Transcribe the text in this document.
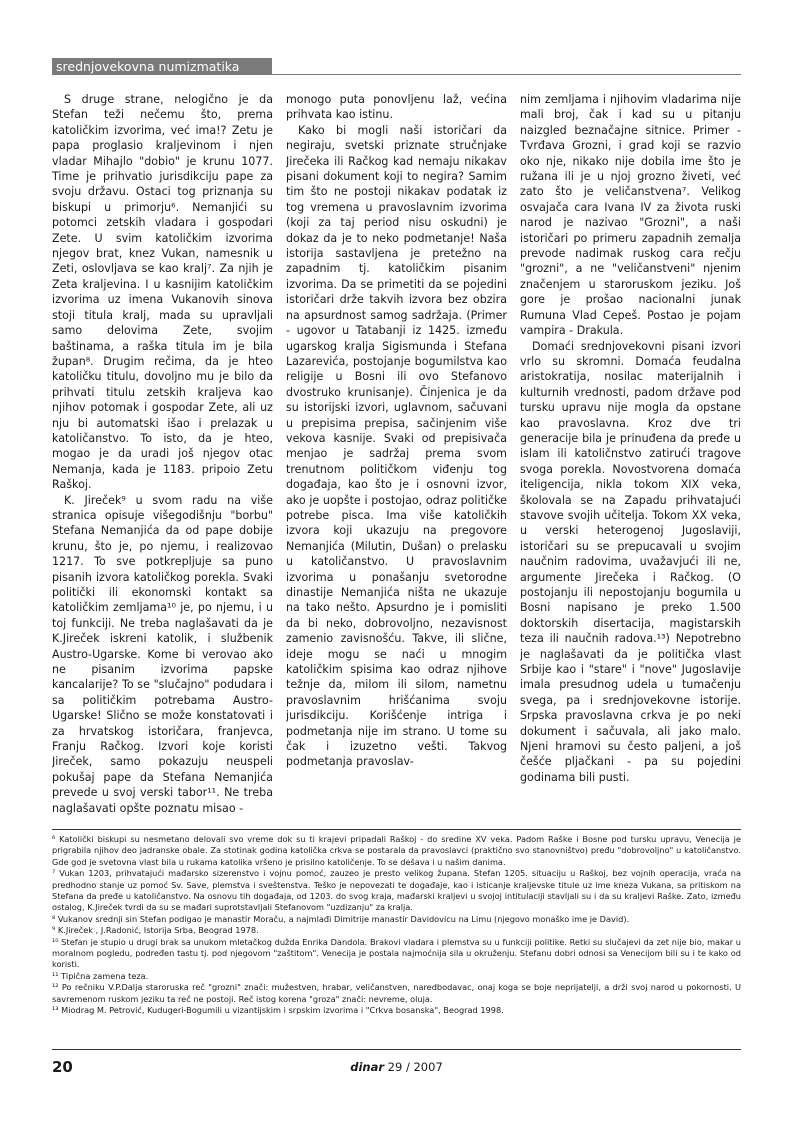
srednjovekovna numizmatika

S druge strane, nelogično je da Stefan teži nečemu što, prema katoličkim izvorima, već ima!? Zetu je papa proglasio kraljevinom i njen vladar Mihajlo "dobio" je krunu 1077. Time je prihvatio jurisdikciju pape za svoju državu. Ostaci tog priznanja su biskupi u primorju⁶. Nemanjići su potomci zetskih vladara i gospodari Zete. U svim katoličkim izvorima njegov brat, knez Vukan, namesnik u Zeti, oslovljava se kao kralj⁷. Za njih je Zeta kraljevina. I u kasnijim katoličkim izvorima uz imena Vukanovih sinova stoji titula kralj, mada su upravljali samo delovima Zete, svojim baštinama, a raška titula im je bila župan⁸. Drugim rečima, da je hteo katoličku titulu, dovoljno mu je bilo da prihvati titulu zetskih kraljeva kao njihov potomak i gospodar Zete, ali uz nju bi automatski išao i prelazak u katoličanstvo. To isto, da je hteo, mogao je da uradi još njegov otac Nemanja, kada je 1183. pripoio Zetu Raškoj.

K. Jireček⁹ u svom radu na više stranica opisuje višegodišnju "borbu" Stefana Nemanjića da od pape dobije krunu, što je, po njemu, i realizovao 1217. To sve potkrepljuje sa puno pisanih izvora katoličkog porekla. Svaki politički ili ekonomski kontakt sa katoličkim zemljama¹⁰ je, po njemu, i u toj funkciji. Ne treba naglašavati da je K.Jireček iskreni katolik, i službenik Austro-Ugarske. Kome bi verovao ako ne pisanim izvorima papske kancalarije? To se "slučajno" podudara i sa političkim potrebama Austro-Ugarske! Slično se može konstatovati i za hrvatskog istoričara, franjevca, Franju Račkog. Izvori koje koristi Jireček, samo pokazuju neuspeli pokušaj pape da Stefana Nemanjića prevede u svoj verski tabor¹¹. Ne treba naglašavati opšte poznatu misao -

monogo puta ponovljenu laž, većina prihvata kao istinu.

Kako bi mogli naši istoričari da negiraju, svetski priznate stručnjake Jirečeka ili Račkog kad nemaju nikakav pisani dokument koji to negira? Samim tim što ne postoji nikakav podatak iz tog vremena u pravoslavnim izvorima (koji za taj period nisu oskudni) je dokaz da je to neko podmetanje! Naša istorija sastavljena je pretežno na zapadnim tj. katoličkim pisanim izvorima. Da se primetiti da se pojedini istoričari drže takvih izvora bez obzira na apsurdnost samog sadržaja. (Primer - ugovor u Tatabanji iz 1425. između ugarskog kralja Sigismunda i Stefana Lazarevića, postojanje bogumilstva kao religije u Bosni ili ovo Stefanovo dvostruko krunisanje). Činjenica je da su istorijski izvori, uglavnom, sačuvani u prepisima prepisa, sačinjenim više vekova kasnije. Svaki od prepisivača menjao je sadržaj prema svom trenutnom političkom viđenju tog događaja, kao što je i osnovni izvor, ako je uopšte i postojao, odraz političke potrebe pisca. Ima više katoličkih izvora koji ukazuju na pregovore Nemanjića (Milutin, Dušan) o prelasku u katoličanstvo. U pravoslavnim izvorima u ponašanju svetorodne dinastije Nemanjića ništa ne ukazuje na tako nešto. Apsurdno je i pomisliti da bi neko, dobrovoljno, nezavisnost zamenio zavisnošću. Takve, ili slične, ideje mogu se naći u mnogim katoličkim spisima kao odraz njihove težnje da, milom ili silom, nametnu pravoslavnim hrišćanima svoju jurisdikciju. Korišćenje intriga i podmetanja nije im strano. U tome su čak i izuzetno vešti. Takvog podmetanja pravoslav-

nim zemljama i njihovim vladarima nije mali broj, čak i kad su u pitanju naizgled beznačajne sitnice. Primer - Tvrđava Grozni, i grad koji se razvio oko nje, nikako nije dobila ime što je ružana ili je u njoj grozno živeti, već zato što je veličanstvena⁷. Velikog osvajača cara Ivana IV za života ruski narod je nazivao "Grozni", a naši istoričari po primeru zapadnih zemalja prevode nadimak ruskog cara rečju "grozni", a ne "veličanstveni" njenim značenjem u staroruskom jeziku. Još gore je prošao nacionalni junak Rumuna Vlad Cepeš. Postao je pojam vampira - Drakula.

Domaći srednjovekovni pisani izvori vrlo su skromni. Domaća feudalna aristokratija, nosilac materijalnih i kulturnih vrednosti, padom države pod tursku upravu nije mogla da opstane kao pravoslavna. Kroz dve tri generacije bila je prinuđena da pređe u islam ili katoličnstvo zatirući tragove svoga porekla. Novostvorena domaća iteligencija, nikla tokom XIX veka, školovala se na Zapadu prihvatajući stavove svojih učitelja. Tokom XX veka, u verski heterogenoj Jugoslaviji, istoričari su se prepucavali u svojim naučnim radovima, uvažavjući ili ne, argumente Jirečeka i Račkog. (O postojanju ili nepostojanju bogumila u Bosni napisano je preko 1.500 doktorskih disertacija, magistarskih teza ili naučnih radova.¹³) Nepotrebno je naglašavati da je politička vlast Srbije kao i "stare" i "nove" Jugoslavije imala presudnog udela u tumačenju svega, pa i srednjovekovne istorije. Srpska pravoslavna crkva je po neki dokument i sačuvala, ali jako malo. Njeni hramovi su često paljeni, a još češće pljačkani - pa su pojedini godinama bili pusti.

⁶ Katolički biskupi su nesmetano delovali svo vreme dok su ti krajevi pripadali Raškoj - do sredine XV veka. Padom Raške i Bosne pod tursku upravu, Venecija je prigrabila njihov deo jadranske obale. Za stotinak godina katolička crkva se postarala da pravoslavci (praktično svo stanovništvo) pređu "dobrovoljno" u katoličanstvo. Gde god je svetovna vlast bila u rukama katolika vršeno je prisilno katoličenje. To se dešava i u našim danima.

⁷ Vukan 1203, prihvatajući mađarsko sizerenstvo i vojnu pomoć, zauzeo je presto velikog župana. Stefan 1205. situaciju u Raškoj, bez vojnih operacija, vraća na predhodno stanje uz pomoć Sv. Save, plemstva i sveštenstva. Teško je nepovezati te događaje, kao i isticanje kraljevske titule uz ime kneza Vukana, sa pritiskom na Stefana da pređe u katoličanstvo. Na osnovu tih događaja, od 1203. do svog kraja, mađarski kraljevi u svojoj intitulaciji stavljali su i da su kraljevi Raške. Zato, između ostalog, K.Jireček tvrdi da su se mađari suprotstavljali Stefanovom "uzdizanju" za kralja.

⁸ Vukanov srednji sin Stefan podigao je manastir Moraču, a najmlađi Dimitrije manastir Davidovicu na Limu (njegovo monaško ime je David).

⁹ K.Jireček , J.Radonić, Istorija Srba, Beograd 1978.

¹⁰ Stefan je stupio u drugi brak sa unukom mletačkog dužda Enrika Dandola. Brakovi vladara i plemstva su u funkciji politike. Retki su slučajevi da zet nije bio, makar u moralnom pogledu, podređen tastu tj. pod njegovom "zaštitom". Venecija je postala najmoćnija sila u okruženju. Stefanu dobri odnosi sa Venecijom bili su i te kako od koristi.

¹¹ Tipična zamena teza.

¹² Po rečniku V.P.Dalja staroruska reč "grozni" znači: mužestven, hrabar, veličanstven, naredbodavac, onaj koga se boje neprijatelji, a drži svoj narod u pokornosti. U savremenom ruskom jeziku ta reč ne postoji. Reč istog korena "groza" znači: nevreme, oluja.

¹³ Miodrag M. Petrović, Kudugeri-Bogumili u vizantijskim i srpskim izvorima i "Crkva bosanska", Beograd 1998.

20	dinar 29 / 2007
